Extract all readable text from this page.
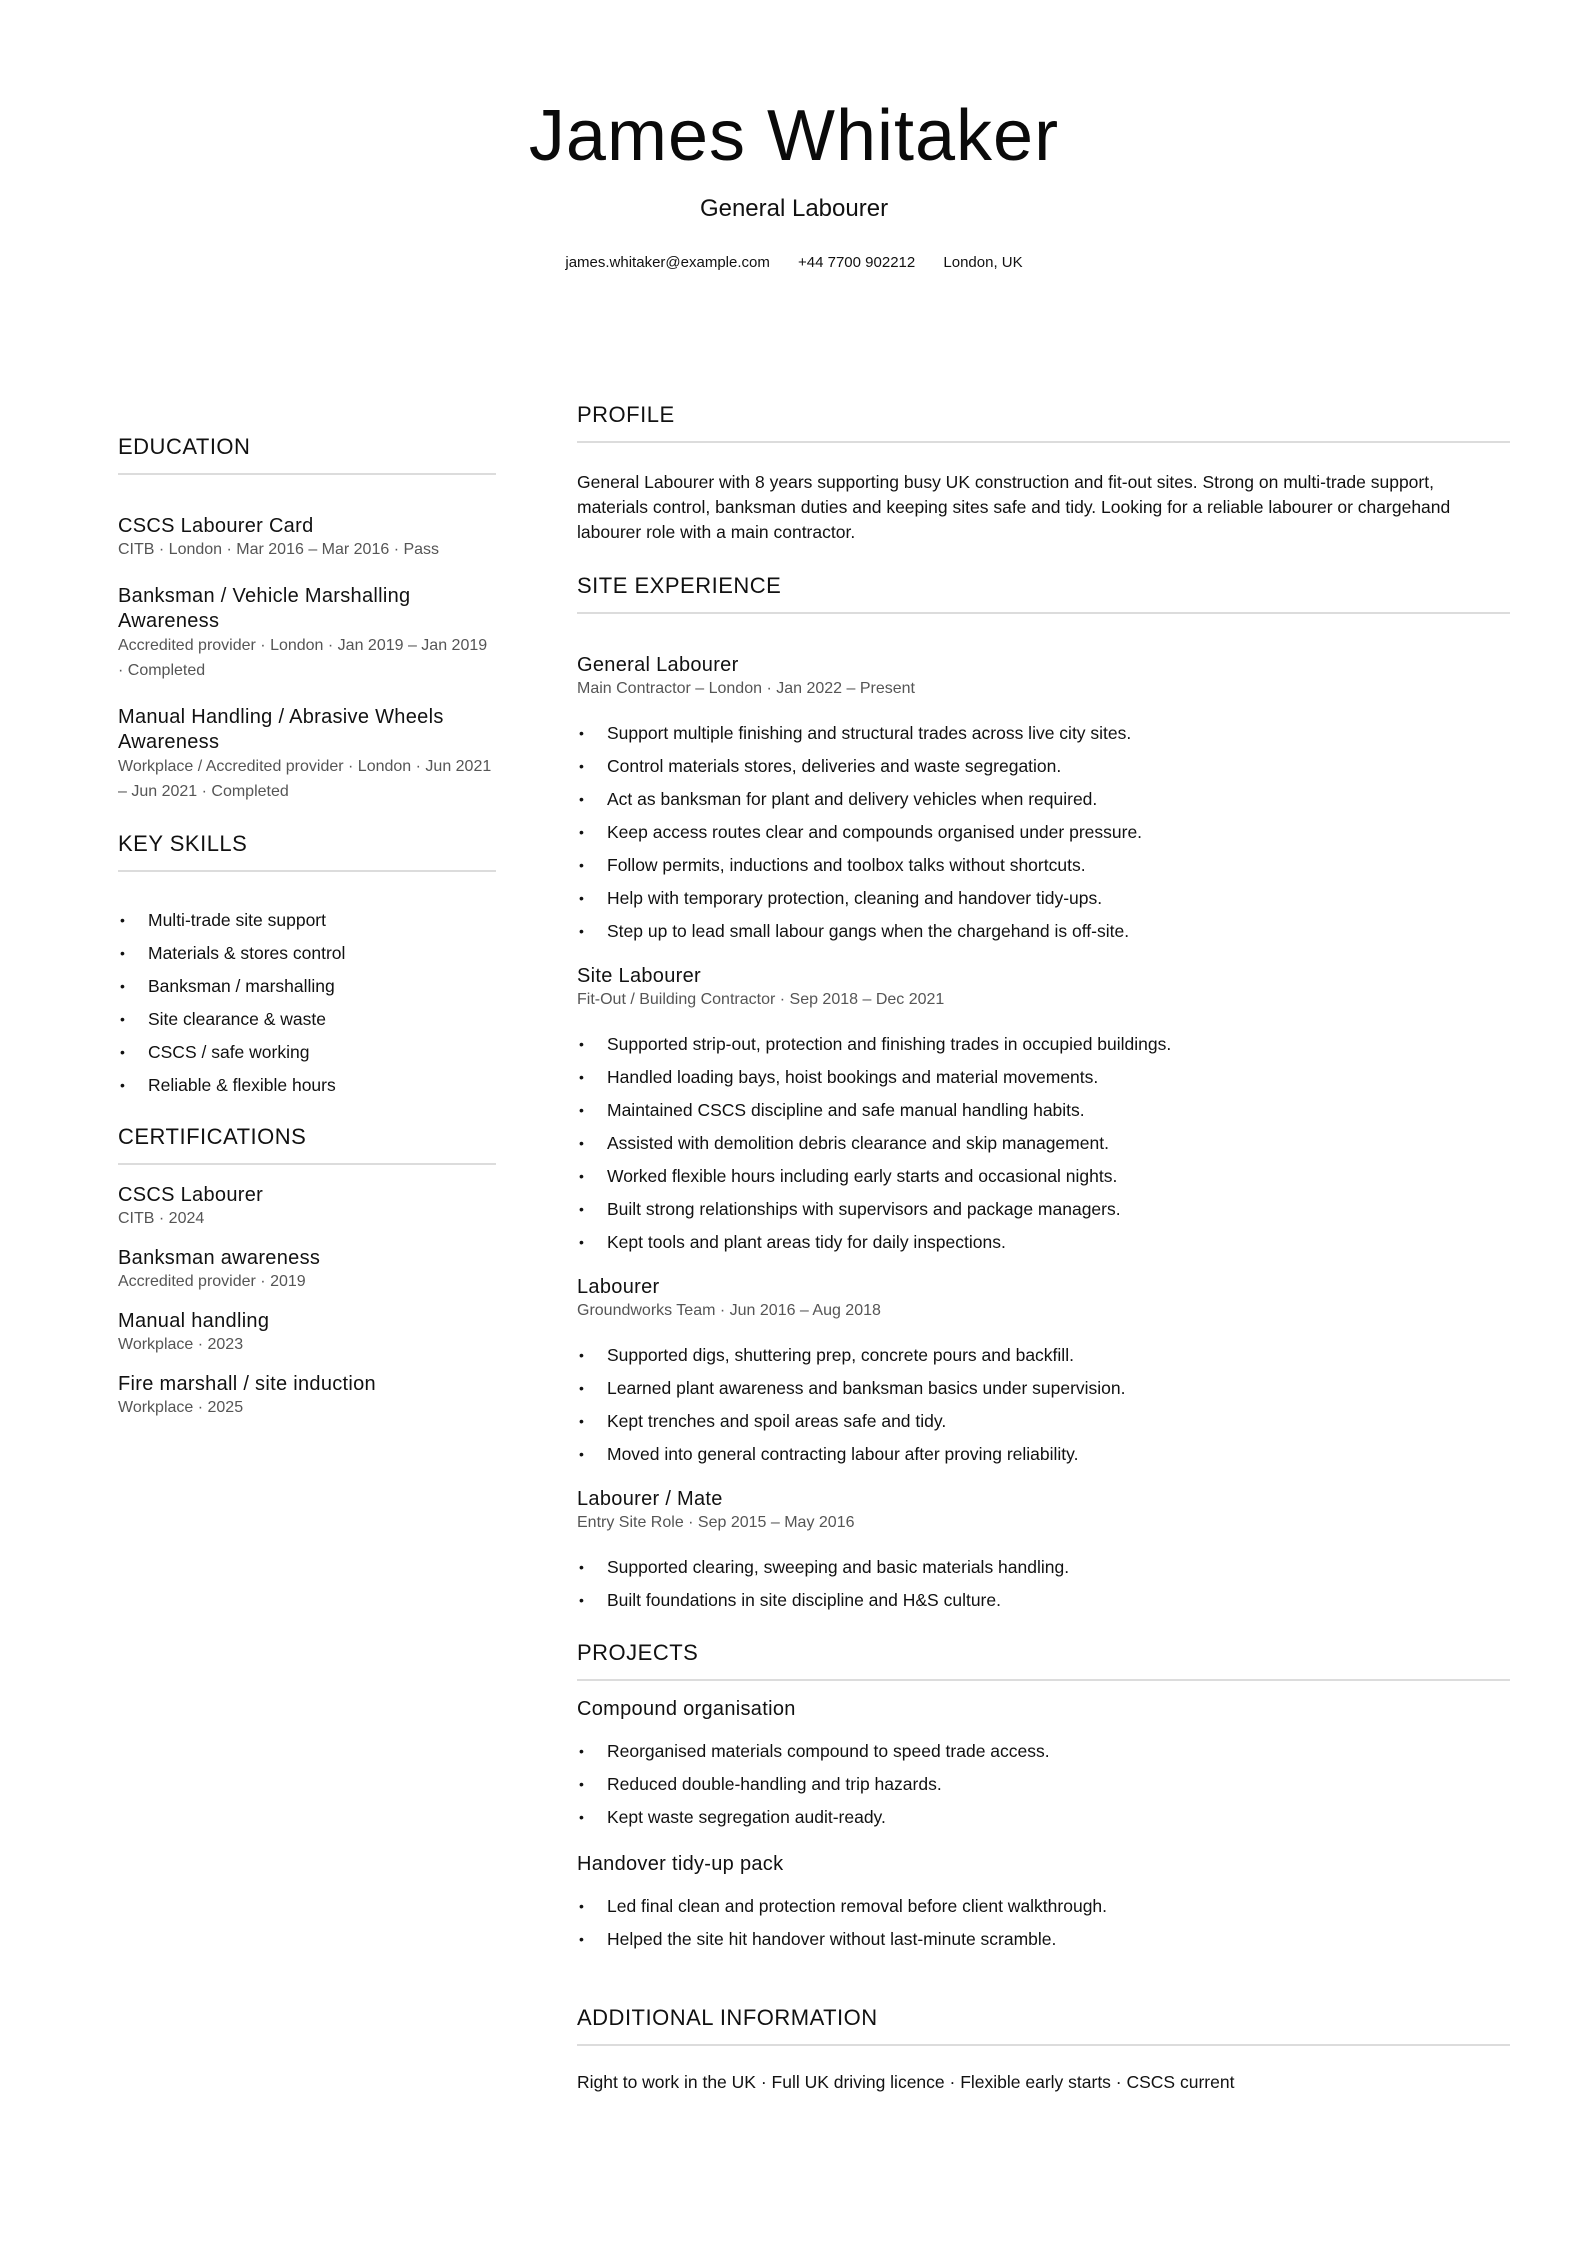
James Whitaker
General Labourer
james.whitaker@example.com +44 7700 902212 London, UK
EDUCATION
CSCS Labourer Card
CITB · London · Mar 2016 – Mar 2016 · Pass
Banksman / Vehicle Marshalling Awareness
Accredited provider · London · Jan 2019 – Jan 2019 · Completed
Manual Handling / Abrasive Wheels Awareness
Workplace / Accredited provider · London · Jun 2021 – Jun 2021 · Completed
KEY SKILLS
• Multi-trade site support
• Materials & stores control
• Banksman / marshalling
• Site clearance & waste
• CSCS / safe working
• Reliable & flexible hours
CERTIFICATIONS
CSCS Labourer
CITB · 2024
Banksman awareness
Accredited provider · 2019
Manual handling
Workplace · 2023
Fire marshall / site induction
Workplace · 2025
PROFILE
General Labourer with 8 years supporting busy UK construction and fit-out sites. Strong on multi-trade support,
materials control, banksman duties and keeping sites safe and tidy. Looking for a reliable labourer or chargehand
labourer role with a main contractor.
SITE EXPERIENCE
General Labourer
Main Contractor – London · Jan 2022 – Present
• Support multiple finishing and structural trades across live city sites.
• Control materials stores, deliveries and waste segregation.
• Act as banksman for plant and delivery vehicles when required.
• Keep access routes clear and compounds organised under pressure.
• Follow permits, inductions and toolbox talks without shortcuts.
• Help with temporary protection, cleaning and handover tidy-ups.
• Step up to lead small labour gangs when the chargehand is off-site.
Site Labourer
Fit-Out / Building Contractor · Sep 2018 – Dec 2021
• Supported strip-out, protection and finishing trades in occupied buildings.
• Handled loading bays, hoist bookings and material movements.
• Maintained CSCS discipline and safe manual handling habits.
• Assisted with demolition debris clearance and skip management.
• Worked flexible hours including early starts and occasional nights.
• Built strong relationships with supervisors and package managers.
• Kept tools and plant areas tidy for daily inspections.
Labourer
Groundworks Team · Jun 2016 – Aug 2018
• Supported digs, shuttering prep, concrete pours and backfill.
• Learned plant awareness and banksman basics under supervision.
• Kept trenches and spoil areas safe and tidy.
• Moved into general contracting labour after proving reliability.
Labourer / Mate
Entry Site Role · Sep 2015 – May 2016
• Supported clearing, sweeping and basic materials handling.
• Built foundations in site discipline and H&S culture.
PROJECTS
Compound organisation
• Reorganised materials compound to speed trade access.
• Reduced double-handling and trip hazards.
• Kept waste segregation audit-ready.
Handover tidy-up pack
• Led final clean and protection removal before client walkthrough.
• Helped the site hit handover without last-minute scramble.
ADDITIONAL INFORMATION
Right to work in the UK · Full UK driving licence · Flexible early starts · CSCS current
